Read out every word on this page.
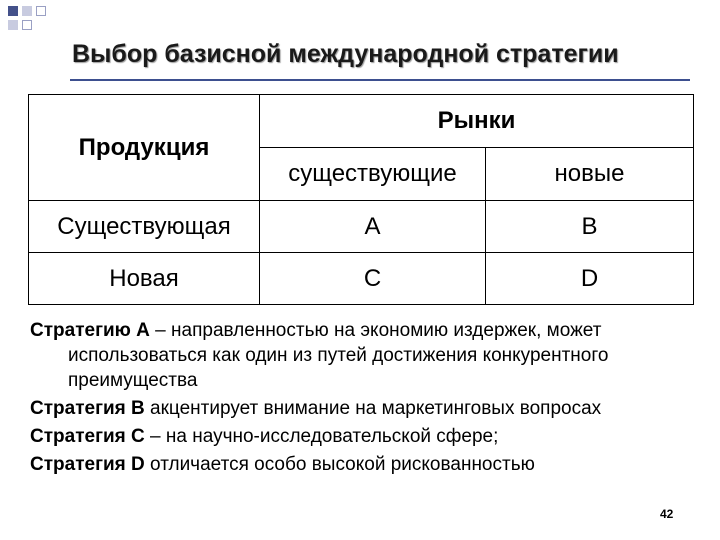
Выбор базисной международной стратегии
Продукция	Рынки	
	существующие	новые
Существующая	A	B
Новая	C	D
Стратегию А – направленностью на экономию издержек, может использоваться как один из путей достижения конкурентного преимущества
Стратегия В акцентирует внимание на маркетинговых вопросах
Стратегия С – на научно-исследовательской сфере;
Стратегия D отличается особо высокой рискованностью
42
